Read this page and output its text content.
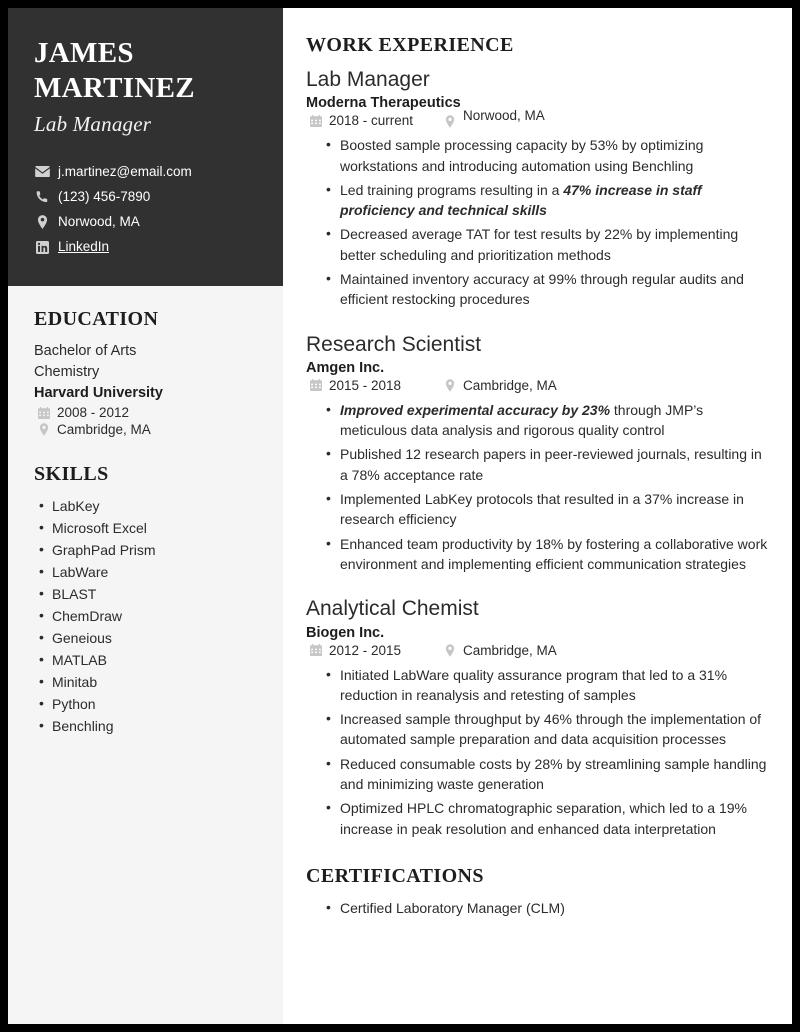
JAMES
MARTINEZ
Lab Manager
j.martinez@email.com
(123) 456-7890
Norwood, MA
LinkedIn
EDUCATION
Bachelor of Arts
Chemistry
Harvard University
2008 - 2012
Cambridge, MA
SKILLS
• LabKey
• Microsoft Excel
• GraphPad Prism
• LabWare
• BLAST
• ChemDraw
• Geneious
• MATLAB
• Minitab
• Python
• Benchling
WORK EXPERIENCE
Lab Manager
Moderna Therapeutics
2018 - current	Norwood, MA
• Boosted sample processing capacity by 53% by optimizing workstations and introducing automation using Benchling
• Led training programs resulting in a 47% increase in staff proficiency and technical skills
• Decreased average TAT for test results by 22% by implementing better scheduling and prioritization methods
• Maintained inventory accuracy at 99% through regular audits and efficient restocking procedures
Research Scientist
Amgen Inc.
2015 - 2018	Cambridge, MA
• Improved experimental accuracy by 23% through JMP’s meticulous data analysis and rigorous quality control
• Published 12 research papers in peer-reviewed journals, resulting in a 78% acceptance rate
• Implemented LabKey protocols that resulted in a 37% increase in research efficiency
• Enhanced team productivity by 18% by fostering a collaborative work environment and implementing efficient communication strategies
Analytical Chemist
Biogen Inc.
2012 - 2015	Cambridge, MA
• Initiated LabWare quality assurance program that led to a 31% reduction in reanalysis and retesting of samples
• Increased sample throughput by 46% through the implementation of automated sample preparation and data acquisition processes
• Reduced consumable costs by 28% by streamlining sample handling and minimizing waste generation
• Optimized HPLC chromatographic separation, which led to a 19% increase in peak resolution and enhanced data interpretation
CERTIFICATIONS
• Certified Laboratory Manager (CLM)
